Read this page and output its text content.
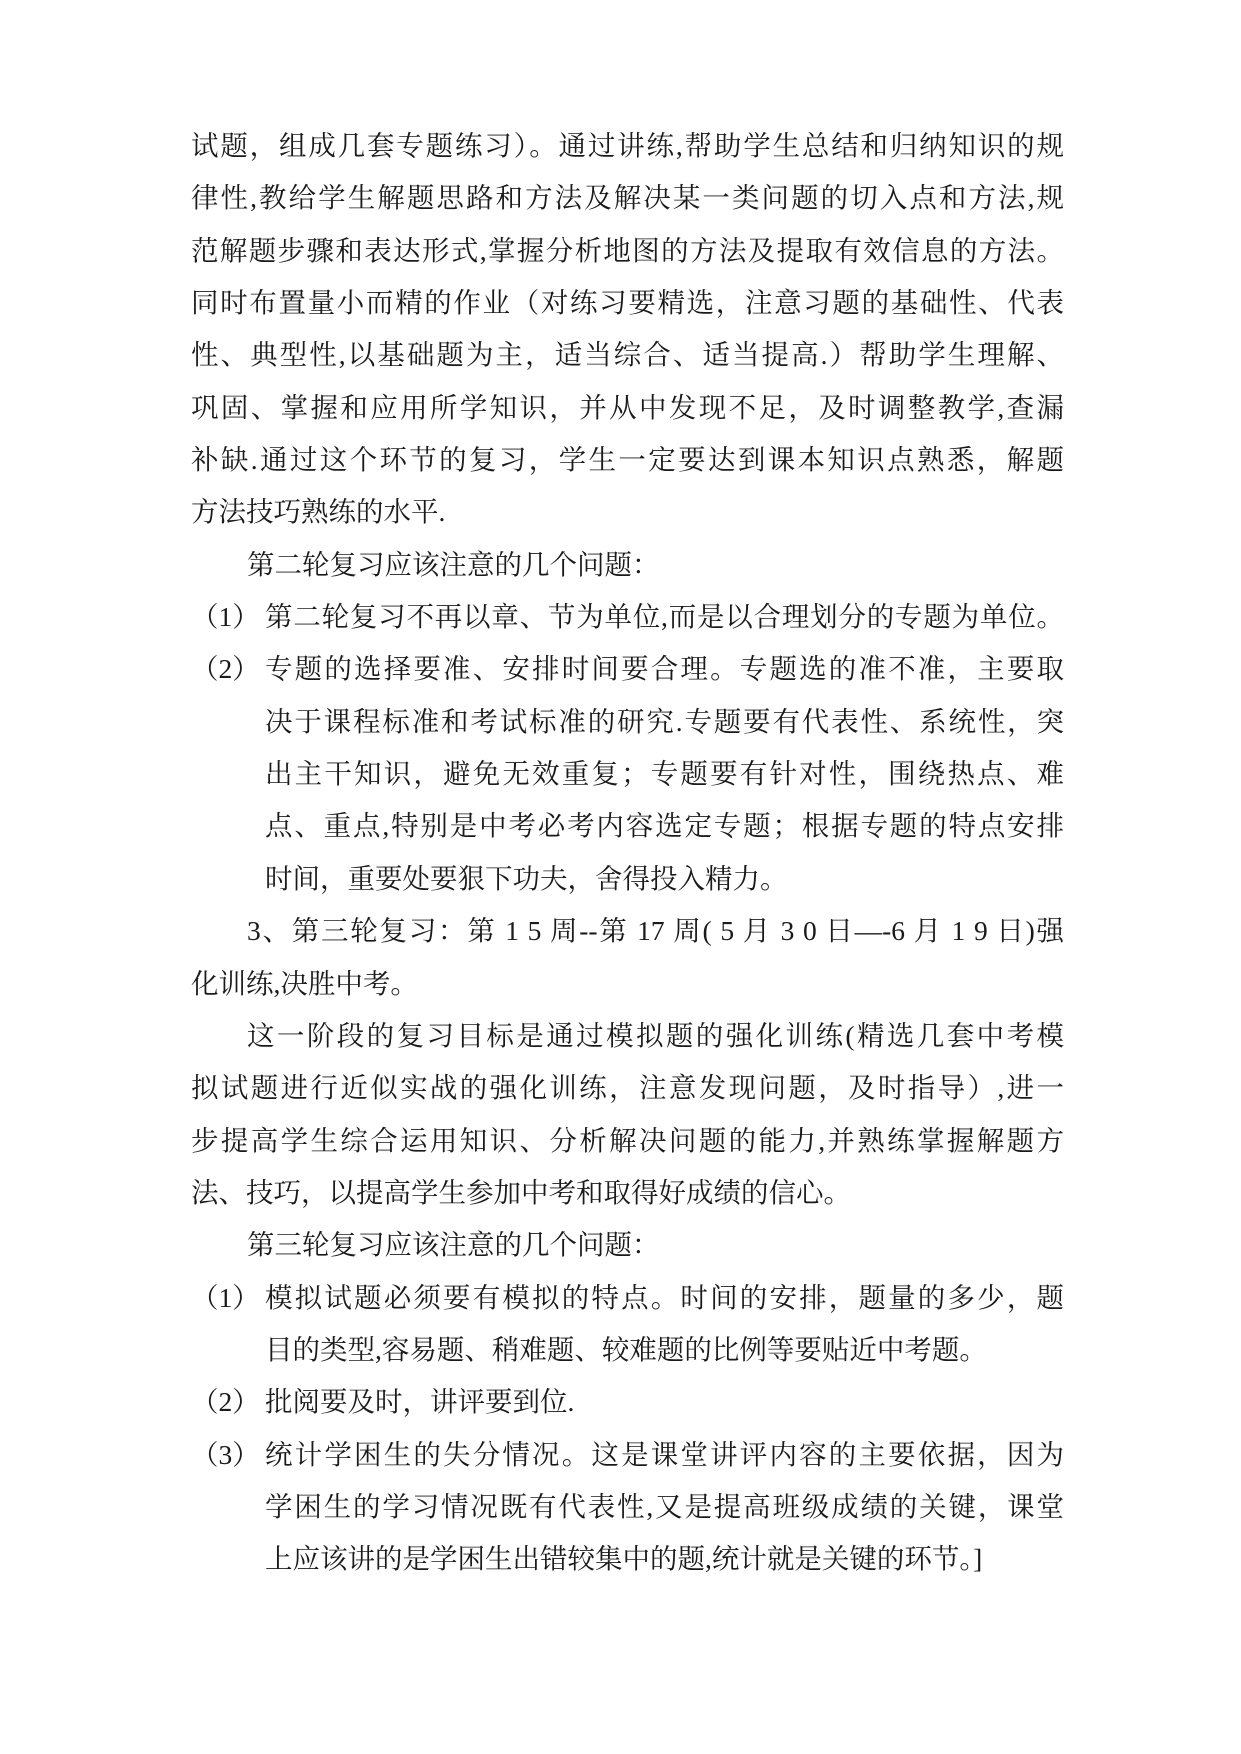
试题，组成几套专题练习）。通过讲练,帮助学生总结和归纳知识的规
律性,教给学生解题思路和方法及解决某一类问题的切入点和方法,规
范解题步骤和表达形式,掌握分析地图的方法及提取有效信息的方法。
同时布置量小而精的作业（对练习要精选，注意习题的基础性、代表
性、典型性,以基础题为主，适当综合、适当提高.）帮助学生理解、
巩固、掌握和应用所学知识，并从中发现不足，及时调整教学,查漏
补缺.通过这个环节的复习，学生一定要达到课本知识点熟悉，解题
方法技巧熟练的水平.
第二轮复习应该注意的几个问题：
（1） 第二轮复习不再以章、节为单位,而是以合理划分的专题为单位。
（2） 专题的选择要准、安排时间要合理。专题选的准不准，主要取
决于课程标准和考试标准的研究.专题要有代表性、系统性，突
出主干知识，避免无效重复；专题要有针对性，围绕热点、难
点、重点,特别是中考必考内容选定专题；根据专题的特点安排
时间，重要处要狠下功夫，舍得投入精力。
3、第三轮复习：第 1 5 周--第 17 周( 5 月 3 0 日—-6 月 1 9 日)强
化训练,决胜中考。
这一阶段的复习目标是通过模拟题的强化训练(精选几套中考模
拟试题进行近似实战的强化训练，注意发现问题，及时指导）,进一
步提高学生综合运用知识、分析解决问题的能力,并熟练掌握解题方
法、技巧，以提高学生参加中考和取得好成绩的信心。
第三轮复习应该注意的几个问题：
（1） 模拟试题必须要有模拟的特点。时间的安排，题量的多少，题
目的类型,容易题、稍难题、较难题的比例等要贴近中考题。
（2） 批阅要及时，讲评要到位.
（3） 统计学困生的失分情况。这是课堂讲评内容的主要依据，因为
学困生的学习情况既有代表性,又是提高班级成绩的关键，课堂
上应该讲的是学困生出错较集中的题,统计就是关键的环节。]
